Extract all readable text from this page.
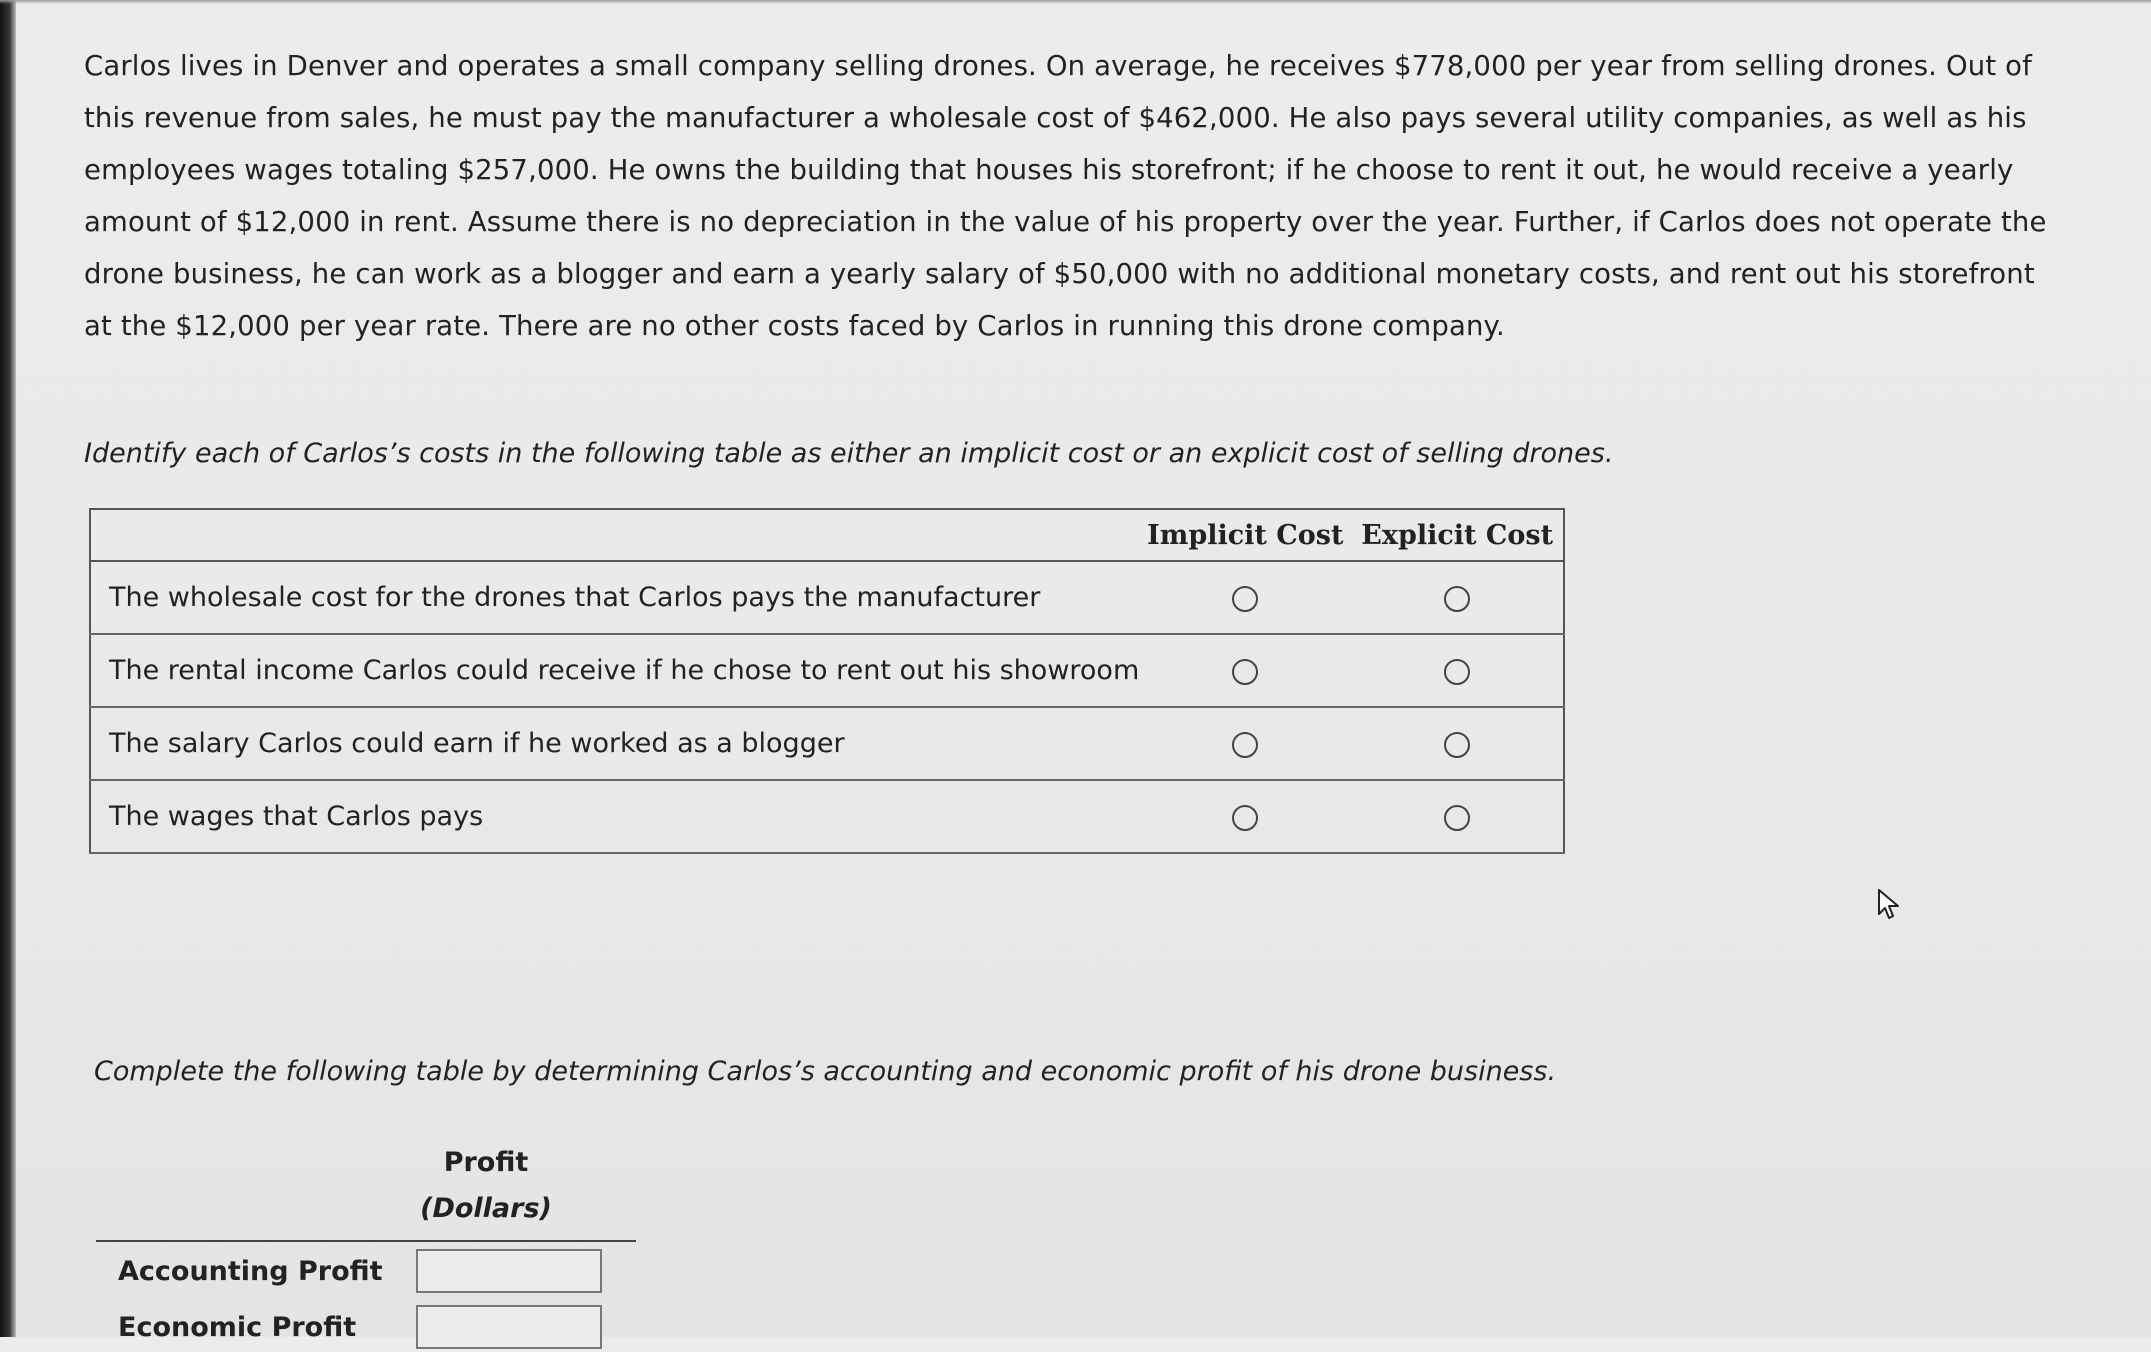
Carlos lives in Denver and operates a small company selling drones. On average, he receives $778,000 per year from selling drones. Out of this revenue from sales, he must pay the manufacturer a wholesale cost of $462,000. He also pays several utility companies, as well as his employees wages totaling $257,000. He owns the building that houses his storefront; if he choose to rent it out, he would receive a yearly amount of $12,000 in rent. Assume there is no depreciation in the value of his property over the year. Further, if Carlos does not operate the drone business, he can work as a blogger and earn a yearly salary of $50,000 with no additional monetary costs, and rent out his storefront at the $12,000 per year rate. There are no other costs faced by Carlos in running this drone company.

Identify each of Carlos’s costs in the following table as either an implicit cost or an explicit cost of selling drones.

	Implicit Cost	Explicit Cost
The wholesale cost for the drones that Carlos pays the manufacturer		
The rental income Carlos could receive if he chose to rent out his showroom		
The salary Carlos could earn if he worked as a blogger		
The wages that Carlos pays		

Complete the following table by determining Carlos’s accounting and economic profit of his drone business.

Profit
(Dollars)
Accounting Profit
Economic Profit
